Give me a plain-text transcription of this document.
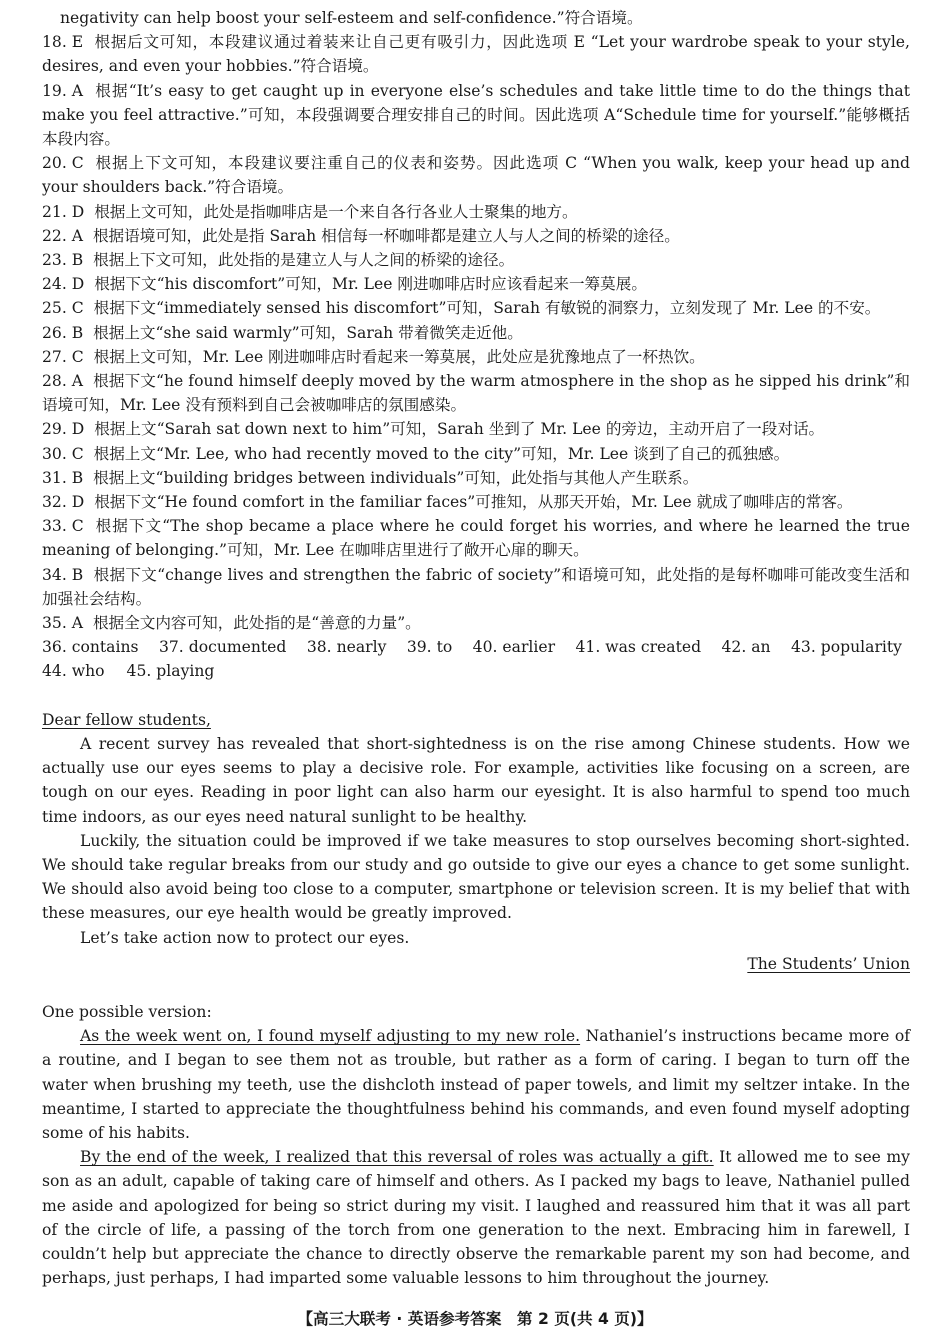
negativity can help boost your self-esteem and self-confidence.”符合语境。

18. E 根据后文可知，本段建议通过着装来让自己更有吸引力，因此选项 E “Let your wardrobe speak to your style, desires, and even your hobbies.”符合语境。

19. A 根据“It’s easy to get caught up in everyone else’s schedules and take little time to do the things that make you feel attractive.”可知，本段强调要合理安排自己的时间。因此选项 A“Schedule time for yourself.”能够概括本段内容。

20. C 根据上下文可知，本段建议要注重自己的仪表和姿势。因此选项 C “When you walk, keep your head up and your shoulders back.”符合语境。

21. D 根据上文可知，此处是指咖啡店是一个来自各行各业人士聚集的地方。

22. A 根据语境可知，此处是指 Sarah 相信每一杯咖啡都是建立人与人之间的桥梁的途径。

23. B 根据上下文可知，此处指的是建立人与人之间的桥梁的途径。

24. D 根据下文“his discomfort”可知，Mr. Lee 刚进咖啡店时应该看起来一筹莫展。

25. C 根据下文“immediately sensed his discomfort”可知，Sarah 有敏锐的洞察力，立刻发现了 Mr. Lee 的不安。

26. B 根据上文“she said warmly”可知，Sarah 带着微笑走近他。

27. C 根据上文可知，Mr. Lee 刚进咖啡店时看起来一筹莫展，此处应是犹豫地点了一杯热饮。

28. A 根据下文“he found himself deeply moved by the warm atmosphere in the shop as he sipped his drink”和语境可知，Mr. Lee 没有预料到自己会被咖啡店的氛围感染。

29. D 根据上文“Sarah sat down next to him”可知，Sarah 坐到了 Mr. Lee 的旁边，主动开启了一段对话。

30. C 根据上文“Mr. Lee, who had recently moved to the city”可知，Mr. Lee 谈到了自己的孤独感。

31. B 根据上文“building bridges between individuals”可知，此处指与其他人产生联系。

32. D 根据下文“He found comfort in the familiar faces”可推知，从那天开始，Mr. Lee 就成了咖啡店的常客。

33. C 根据下文“The shop became a place where he could forget his worries, and where he learned the true meaning of belonging.”可知，Mr. Lee 在咖啡店里进行了敞开心扉的聊天。

34. B 根据下文“change lives and strengthen the fabric of society”和语境可知，此处指的是每杯咖啡可能改变生活和加强社会结构。

35. A 根据全文内容可知，此处指的是“善意的力量”。

36. contains 37. documented 38. nearly 39. to 40. earlier 41. was created 42. an 43. popularity
44. who 45. playing

Dear fellow students,

A recent survey has revealed that short-sightedness is on the rise among Chinese students. How we actually use our eyes seems to play a decisive role. For example, activities like focusing on a screen, are tough on our eyes. Reading in poor light can also harm our eyesight. It is also harmful to spend too much time indoors, as our eyes need natural sunlight to be healthy.

Luckily, the situation could be improved if we take measures to stop ourselves becoming short-sighted. We should take regular breaks from our study and go outside to give our eyes a chance to get some sunlight. We should also avoid being too close to a computer, smartphone or television screen. It is my belief that with these measures, our eye health would be greatly improved.

Let’s take action now to protect our eyes.

The Students’ Union

One possible version:

As the week went on, I found myself adjusting to my new role. Nathaniel’s instructions became more of a routine, and I began to see them not as trouble, but rather as a form of caring. I began to turn off the water when brushing my teeth, use the dishcloth instead of paper towels, and limit my seltzer intake. In the meantime, I started to appreciate the thoughtfulness behind his commands, and even found myself adopting some of his habits.

By the end of the week, I realized that this reversal of roles was actually a gift. It allowed me to see my son as an adult, capable of taking care of himself and others. As I packed my bags to leave, Nathaniel pulled me aside and apologized for being so strict during my visit. I laughed and reassured him that it was all part of the circle of life, a passing of the torch from one generation to the next. Embracing him in farewell, I couldn’t help but appreciate the chance to directly observe the remarkable parent my son had become, and perhaps, just perhaps, I had imparted some valuable lessons to him throughout the journey.

【高三大联考 · 英语参考答案　第 2 页(共 4 页)】
